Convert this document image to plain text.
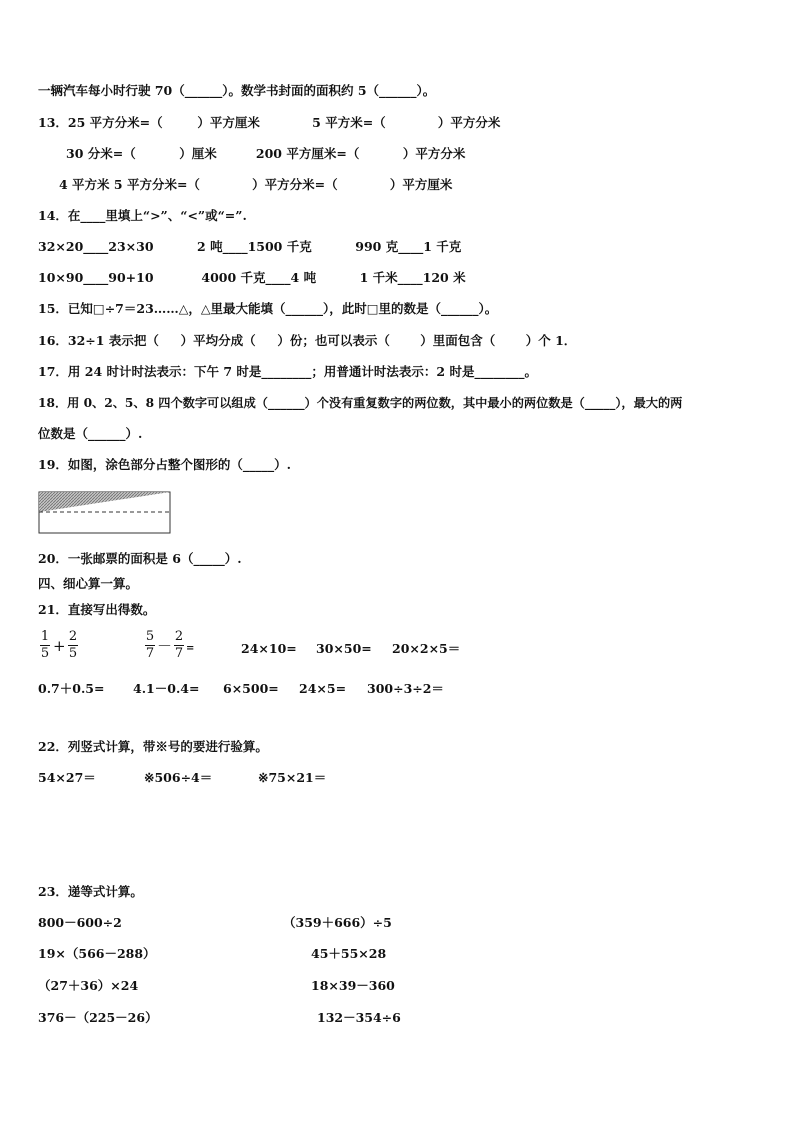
一辆汽车每小时行驶 70（______）。数学书封面的面积约 5（______）。
13．25 平方分米=（        ）平方厘米            5 平方米=（            ）平方分米
30 分米=（          ）厘米         200 平方厘米=（          ）平方分米
4 平方米 5 平方分米=（            ）平方分米=（            ）平方厘米
14．在____里填上“>”、“<”或“=”.
32×20____23×30          2 吨____1500 千克          990 克____1 千克
10×90____90+10           4000 千克____4 吨          1 千米____120 米
15．已知□÷7＝23……△，△里最大能填（______），此时□里的数是（______）。
16．32÷1 表示把（     ）平均分成（     ）份；也可以表示（       ）里面包含（       ）个 1．
17．用 24 时计时法表示：下午 7 时是________；用普通计时法表示：2 时是________。
18．用 0、2、5、8 四个数字可以组成（______）个没有重复数字的两位数，其中最小的两位数是（_____），最大的两
位数是（______）.
19．如图，涂色部分占整个图形的（_____）.
20．一张邮票的面积是 6（_____）.
四、细心算一算。
21．直接写出得数。
1
5 +
2
5
5
7 －
2
7 =	24×10= 30×50= 20×2×5＝
0.7＋0.5= 4.1－0.4= 6×500= 24×5= 300÷3÷2＝
22．列竖式计算，带※号的要进行验算。
54×27＝	※506÷4＝	※75×21＝
23．递等式计算。
800－600÷2	（359＋666）÷5
19×（566－288）	45＋55×28
（27＋36）×24	18×39－360
376－（225－26）	132－354÷6
